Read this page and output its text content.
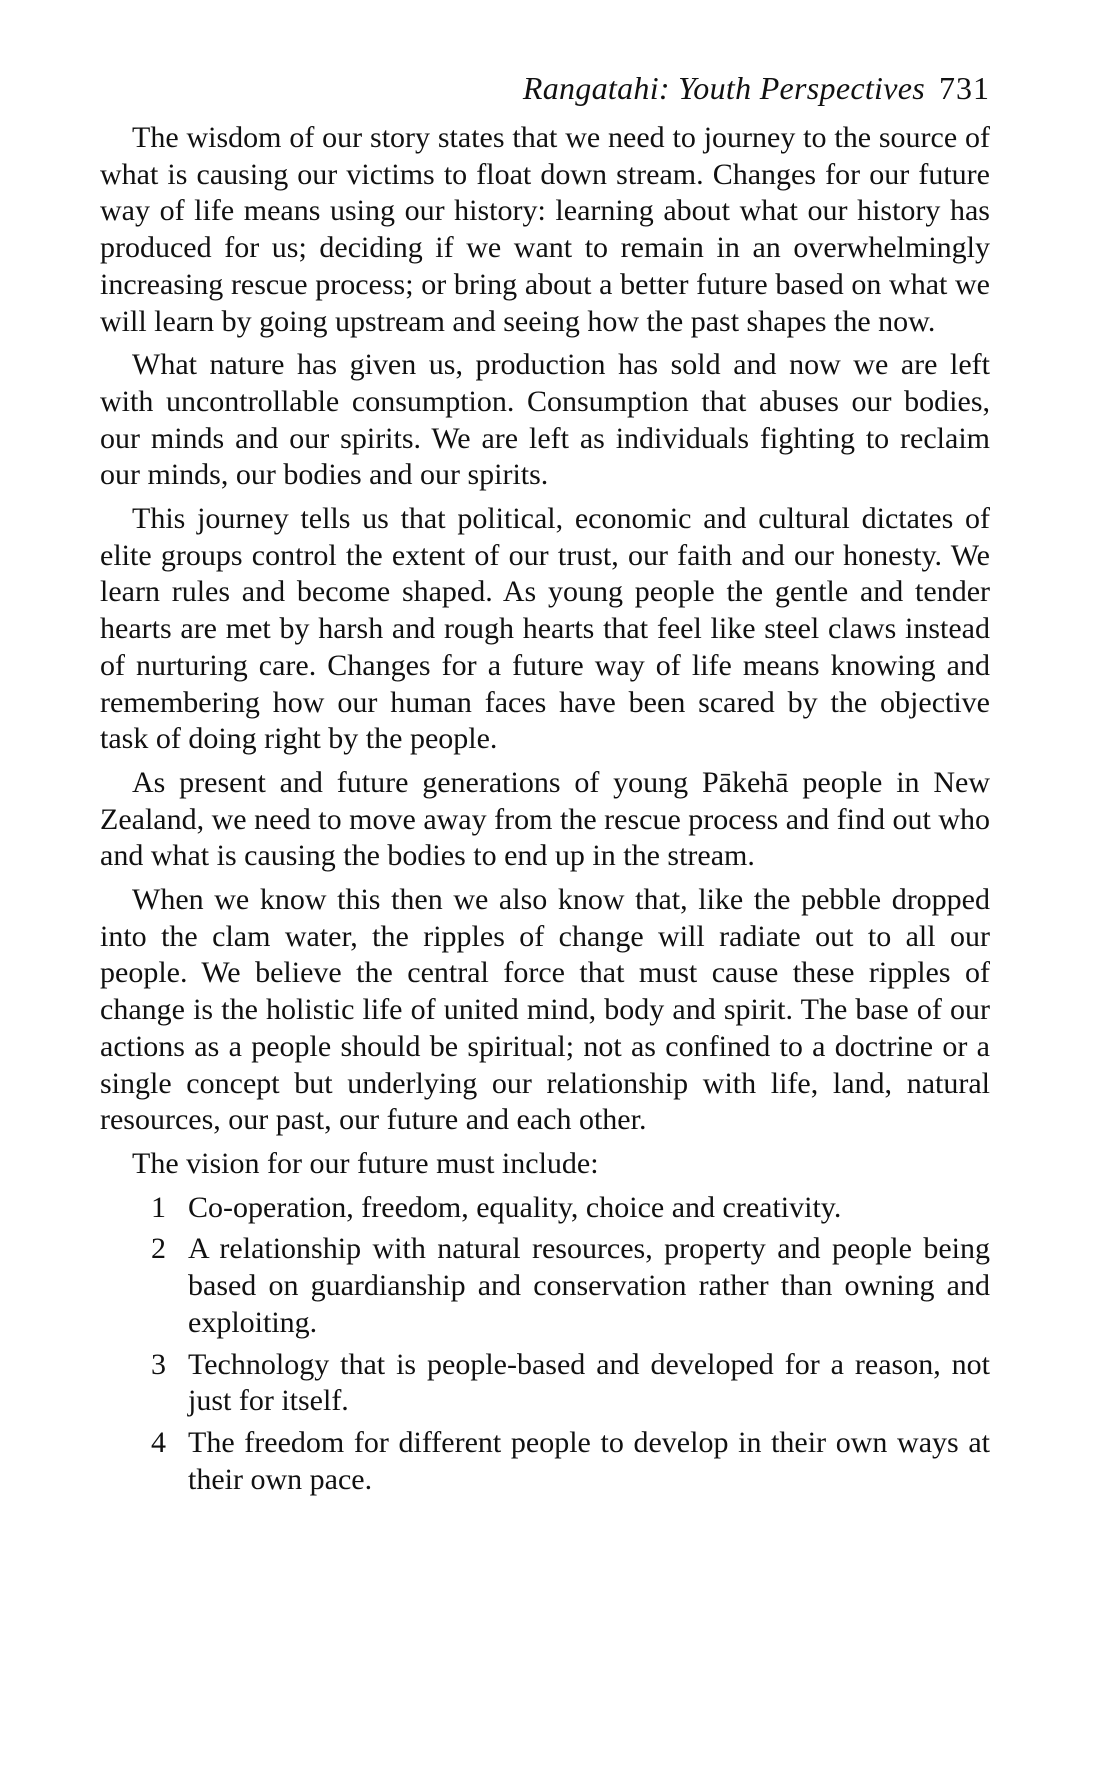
Rangatahi: Youth Perspectives 731

The wisdom of our story states that we need to journey to the source of what is causing our victims to float down stream. Changes for our future way of life means using our history: learning about what our history has produced for us; deciding if we want to remain in an overwhelmingly increasing rescue process; or bring about a better future based on what we will learn by going upstream and seeing how the past shapes the now.

What nature has given us, production has sold and now we are left with uncontrollable consumption. Consumption that abuses our bodies, our minds and our spirits. We are left as individuals fighting to reclaim our minds, our bodies and our spirits.

This journey tells us that political, economic and cultural dictates of elite groups control the extent of our trust, our faith and our honesty. We learn rules and become shaped. As young people the gentle and tender hearts are met by harsh and rough hearts that feel like steel claws instead of nurturing care. Changes for a future way of life means knowing and remembering how our human faces have been scared by the objective task of doing right by the people.

As present and future generations of young Pākehā people in New Zealand, we need to move away from the rescue process and find out who and what is causing the bodies to end up in the stream.

When we know this then we also know that, like the pebble dropped into the clam water, the ripples of change will radiate out to all our people. We believe the central force that must cause these ripples of change is the holistic life of united mind, body and spirit. The base of our actions as a people should be spiritual; not as confined to a doctrine or a single concept but underlying our relationship with life, land, natural resources, our past, our future and each other.

The vision for our future must include:

1 Co-operation, freedom, equality, choice and creativity.
2 A relationship with natural resources, property and people being based on guardianship and conservation rather than owning and exploiting.
3 Technology that is people-based and developed for a reason, not just for itself.
4 The freedom for different people to develop in their own ways at their own pace.
